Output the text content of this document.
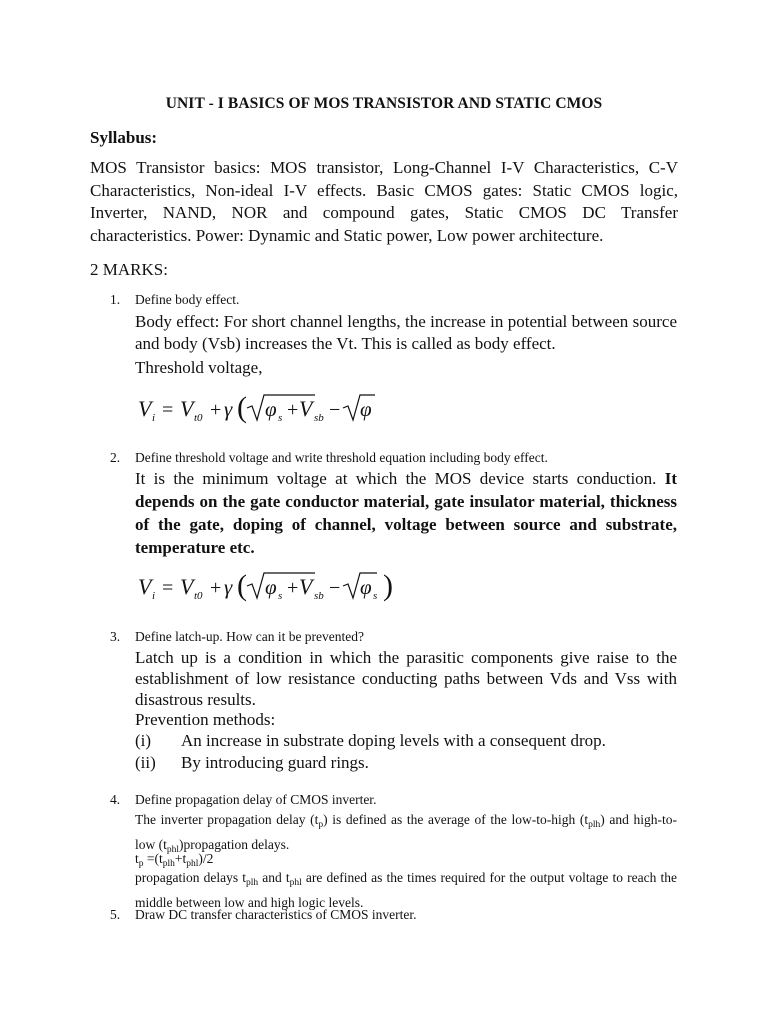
UNIT - I BASICS OF MOS TRANSISTOR AND STATIC CMOS
Syllabus:
MOS Transistor basics: MOS transistor, Long-Channel I-V Characteristics, C-V Characteristics, Non-ideal I-V effects. Basic CMOS gates: Static CMOS logic, Inverter, NAND, NOR and compound gates, Static CMOS DC Transfer characteristics. Power: Dynamic and Static power, Low power architecture.
2 MARKS:
1. Define body effect.
Body effect: For short channel lengths, the increase in potential between source and body (Vsb) increases the Vt. This is called as body effect.
Threshold voltage,
V i = V t0 + γ ( φ s + V sb − φ
2. Define threshold voltage and write threshold equation including body effect.
It is the minimum voltage at which the MOS device starts conduction. It depends on the gate conductor material, gate insulator material, thickness of the gate, doping of channel, voltage between source and substrate, temperature etc.
V i = V t0 + γ ( φ s + V sb − φ s )
3. Define latch-up. How can it be prevented?
Latch up is a condition in which the parasitic components give raise to the establishment of low resistance conducting paths between Vds and Vss with disastrous results.
Prevention methods:
(i) An increase in substrate doping levels with a consequent drop.
(ii) By introducing guard rings.
4. Define propagation delay of CMOS inverter.
The inverter propagation delay $(t_p)$ is defined as the average of the low-to-high $(t_{plh})$ and high-to-low $(t_{phl})propagation$ delays.
$t_p =(t_{plh}+t_{phl})/2$
propagation delays $t_{plh}$ and $t_{phl}$ are defined as the times required for the output voltage to reach the middle between low and high logic levels.
5. Draw DC transfer characteristics of CMOS inverter.
